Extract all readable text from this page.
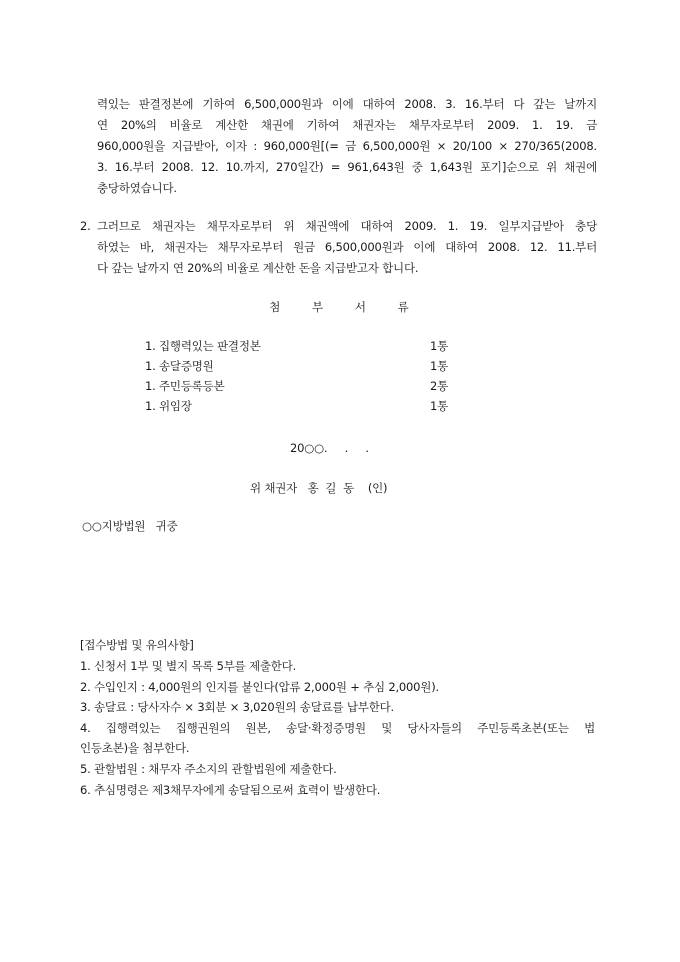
력있는 판결정본에 기하여 6,500,000원과 이에 대하여 2008. 3. 16.부터 다 갚는 날까지
연 20%의 비율로 계산한 채권에 기하여 채권자는 채무자로부터 2009. 1. 19. 금
960,000원을 지급받아, 이자 : 960,000원[(= 금 6,500,000원 × 20/100 × 270/365(2008.
3. 16.부터 2008. 12. 10.까지, 270일간) = 961,643원 중 1,643원 포기]순으로 위 채권에
충당하였습니다.
2. 그러므로 채권자는 채무자로부터 위 채권액에 대하여 2009. 1. 19. 일부지급받아 충당
하였는 바, 채권자는 채무자로부터 원금 6,500,000원과 이에 대하여 2008. 12. 11.부터
다 갚는 날까지 연 20%의 비율로 계산한 돈을 지급받고자 합니다.
첨 부 서 류
1. 집행력있는 판결정본	1통
1. 송달증명원	1통
1. 주민등록등본	2통
1. 위임장	1통
20○○.     .     .
위 채권자   홍  길  동    (인)
○○지방법원   귀중
[접수방법 및 유의사항]
1. 신청서 1부 및 별지 목록 5부를 제출한다.
2. 수입인지 : 4,000원의 인지를 붙인다(압류 2,000원 + 추심 2,000원).
3. 송달료 : 당사자수 × 3회분 × 3,020원의 송달료를 납부한다.
4. 집행력있는 집행권원의 원본, 송달·확정증명원 및 당사자들의 주민등록초본(또는 법
인등초본)을 첨부한다.
5. 관할법원 : 채무자 주소지의 관할법원에 제출한다.
6. 추심명령은 제3채무자에게 송달됨으로써 효력이 발생한다.
